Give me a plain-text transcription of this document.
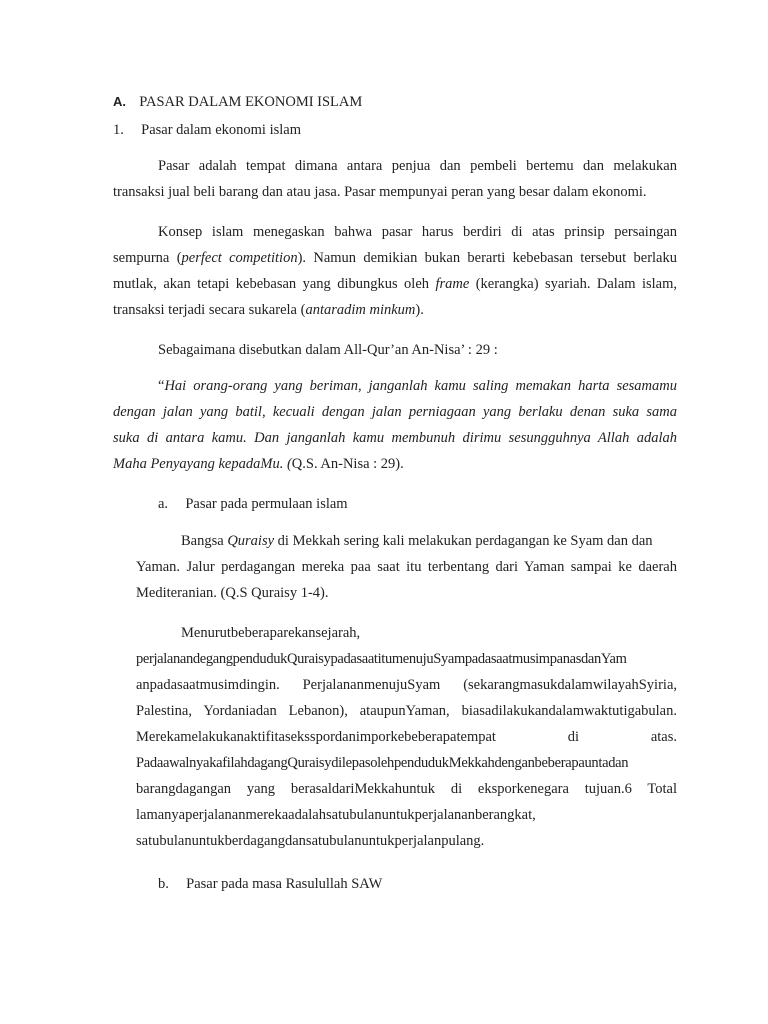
A. PASAR DALAM EKONOMI ISLAM
1. Pasar dalam ekonomi islam
Pasar adalah tempat dimana antara penjua dan pembeli bertemu dan melakukan
transaksi jual beli barang dan atau jasa. Pasar mempunyai peran yang besar dalam ekonomi.
Konsep islam menegaskan bahwa pasar harus berdiri di atas prinsip persaingan
sempurna (perfect competition). Namun demikian bukan berarti kebebasan tersebut berlaku
mutlak, akan tetapi kebebasan yang dibungkus oleh frame (kerangka) syariah. Dalam islam,
transaksi terjadi secara sukarela (antaradim minkum).
Sebagaimana disebutkan dalam All-Qur’an An-Nisa’ : 29 :
“Hai orang-orang yang beriman, janganlah kamu saling memakan harta sesamamu
dengan jalan yang batil, kecuali dengan jalan perniagaan yang berlaku denan suka sama
suka di antara kamu. Dan janganlah kamu membunuh dirimu sesungguhnya Allah adalah
Maha Penyayang kepadaMu. (Q.S. An-Nisa : 29).
a. Pasar pada permulaan islam
Bangsa Quraisy di Mekkah sering kali melakukan perdagangan ke Syam dan dan
Yaman. Jalur perdagangan mereka paa saat itu terbentang dari Yaman sampai ke daerah
Mediteranian. (Q.S Quraisy 1-4).
Menurutbeberaparekansejarah,
perjalanandegangpendudukQuraisypadasaatitumenujuSyampadasaatmusimpanasdanYam
anpadasaatmusimdingin. PerjalananmenujuSyam (sekarangmasukdalamwilayahSyiria,
Palestina, Yordaniadan Lebanon), ataupunYaman, biasadilakukandalamwaktutigabulan.
Merekamelakukanaktifitaseksspordanimporkebeberapatempat di atas.
PadaawalnyakafilahdagangQuraisydilepasolehpendudukMekkahdenganbeberapauntadan
barangdagangan yang berasaldariMekkahuntuk di eksporkenegara tujuan.6 Total
lamanyaperjalananmerekaadalahsatubulanuntukperjalananberangkat,
satubulanuntukberdagangdansatubulanuntukperjalanpulang.
b. Pasar pada masa Rasulullah SAW
